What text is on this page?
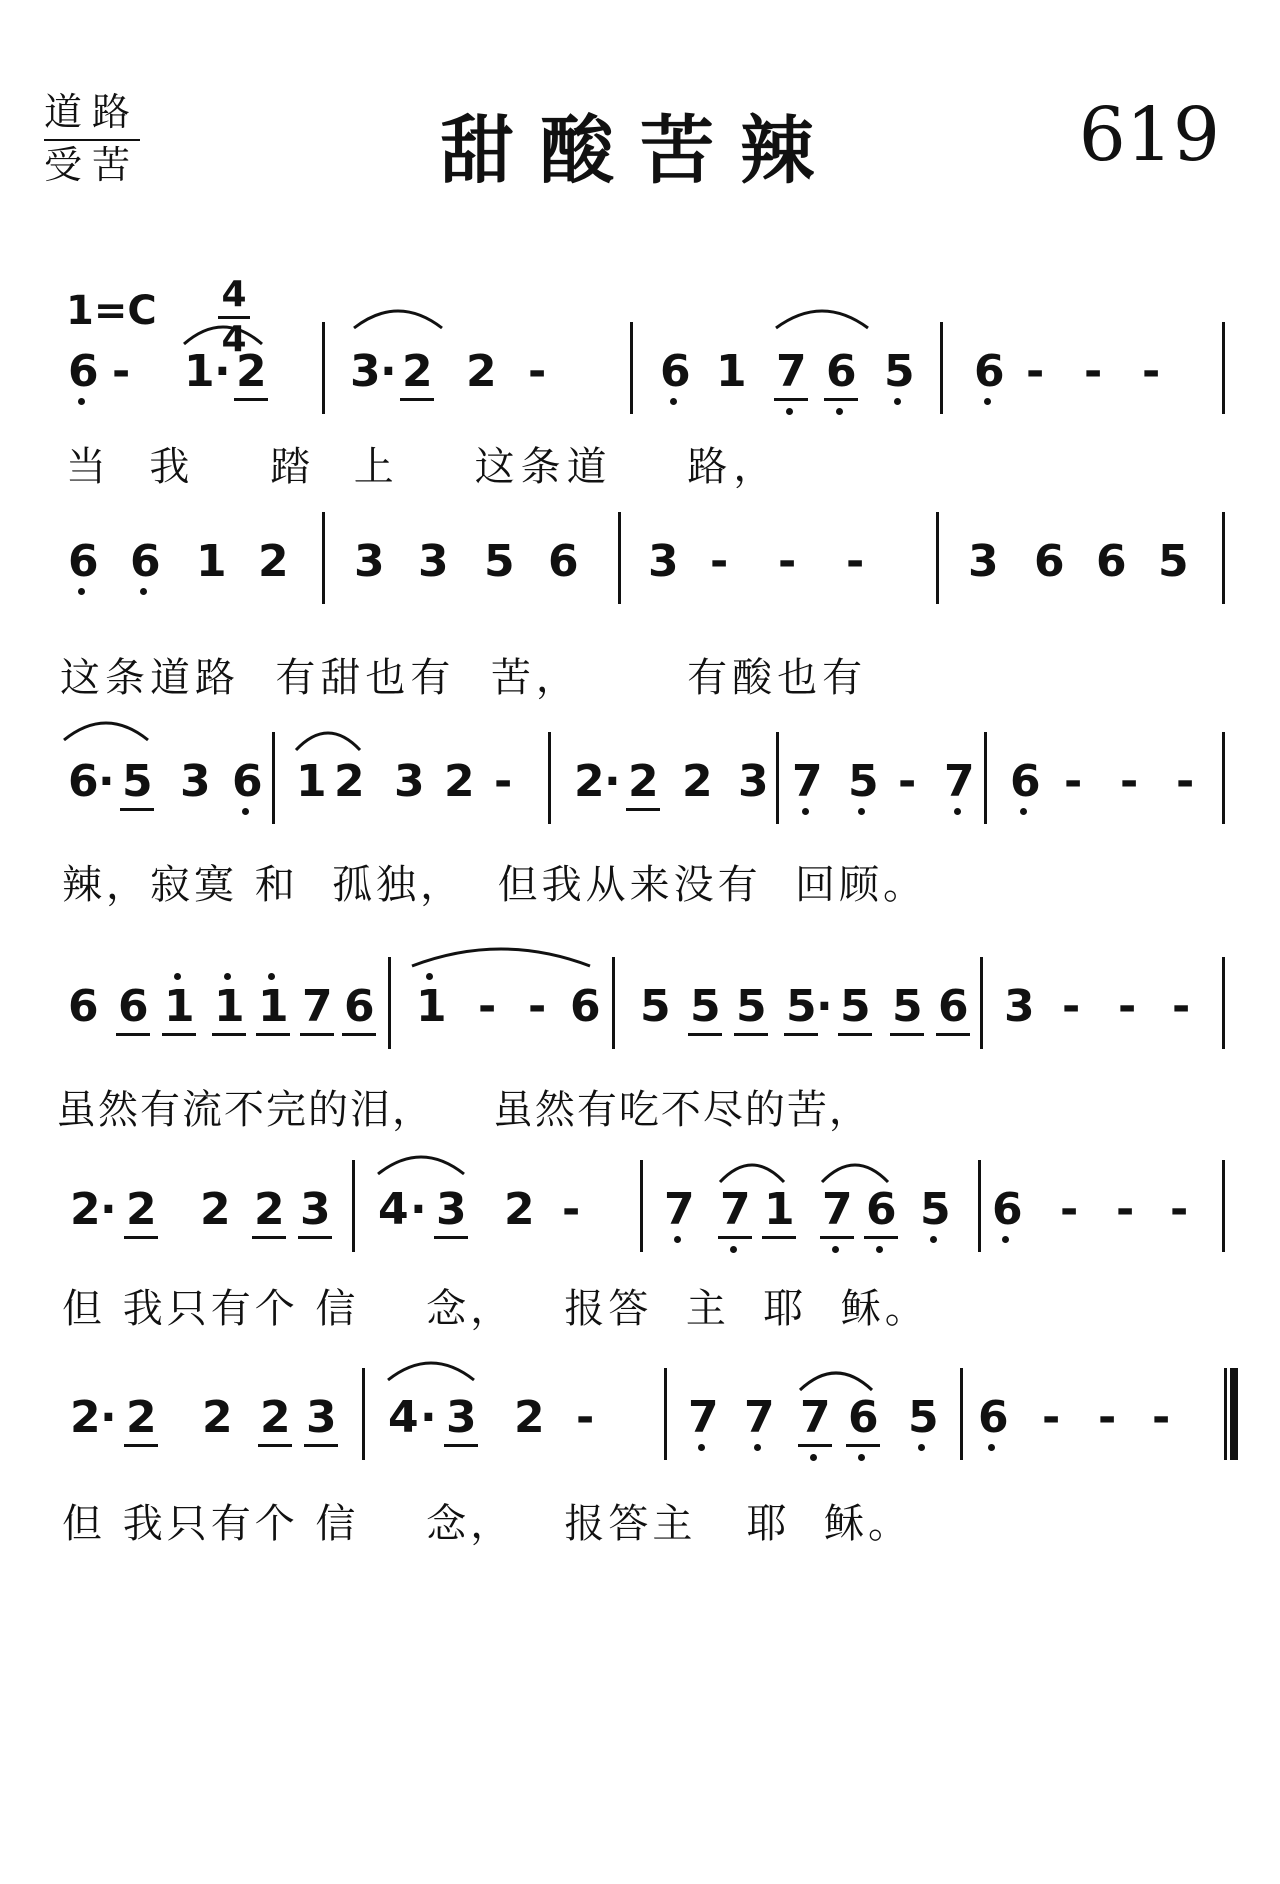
道路
受苦	甜酸苦辣	619
1=C 4
4
6 - 1 · 2 3 · 2 2 -	6 1 7 6 5 6 - - -
6 6 1 2 3 3 5 6 3 - - - 3 6 6 5
6 · 5 3 6 1 2 3 2 - 2 · 2 2 3 7 5 - 7 6 - - -
6 6 1 1 1 7 6 1 - - 6 5 5 5 5 · 5 5 6 3 - - -
2 · 2 2 2 3 4 · 3 2 - 7 7 1 7 6 5 6 - - -
2 · 2 2 2 3 4 · 3 2 - 7 7 7 6 5 6 - - -
当  我    踏  上    这条道    路，
这条道路  有甜也有  苦，      有酸也有
辣，寂寞 和  孤独，  但我从来没有  回顾。
虽然有流不完的泪，    虽然有吃不尽的苦，
但 我只有个 信    念，   报答  主  耶  稣。
但 我只有个 信    念，   报答主   耶  稣。
